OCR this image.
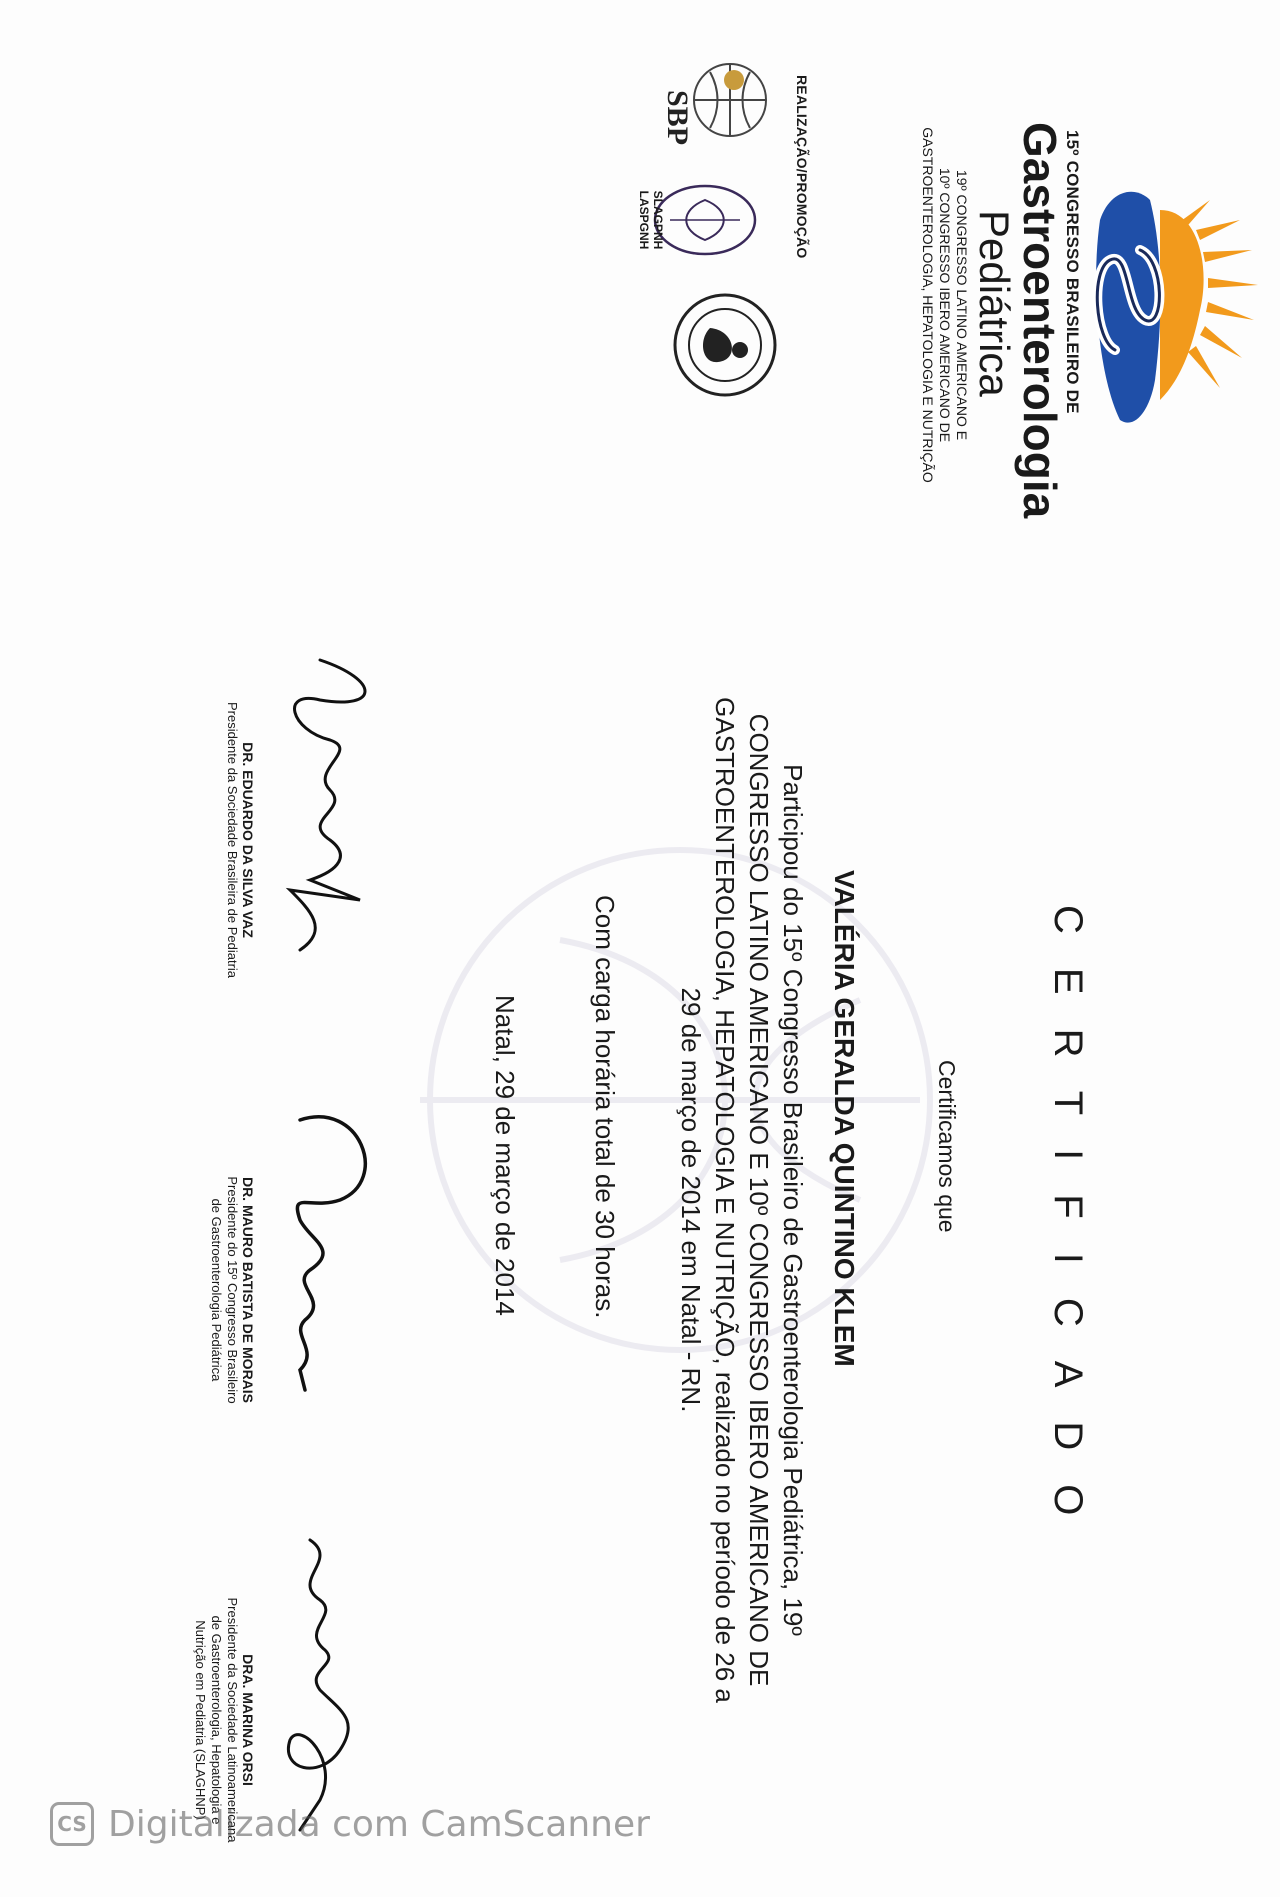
15º CONGRESSO BRASILEIRO DE
Gastroenterologia
Pediátrica
19º CONGRESSO LATINO AMERICANO E
10º CONGRESSO IBERO AMERICANO DE
GASTROENTEROLOGIA, HEPATOLOGIA E NUTRIÇÃO
REALIZAÇÃO/PROMOÇÃO
SBP
SLAGPNH
LASPGNH
CERTIFICADO
Certificamos que
VALÉRIA GERALDA QUINTINO KLEM
Participou do 15º Congresso Brasileiro de Gastroenterologia Pediátrica, 19º CONGRESSO LATINO AMERICANO E 10º CONGRESSO IBERO AMERICANO DE GASTROENTEROLOGIA, HEPATOLOGIA E NUTRIÇÃO, realizado no período de 26 a 29 de março de 2014 em Natal - RN.
Com carga horária total de 30 horas.
Natal, 29 de março de 2014
DR. EDUARDO DA SILVA VAZ
Presidente da Sociedade Brasileira de Pediatria
DR. MAURO BATISTA DE MORAIS
Presidente do 15º Congresso Brasileiro
de Gastroenterologia Pediátrica
DRA. MARINA ORSI
Presidente da Sociedade Latinoamericana
de Gastroenterologia, Hepatologia e
Nutrição em Pediatria (SLAGHNP)
CS Digitalizada com CamScanner
